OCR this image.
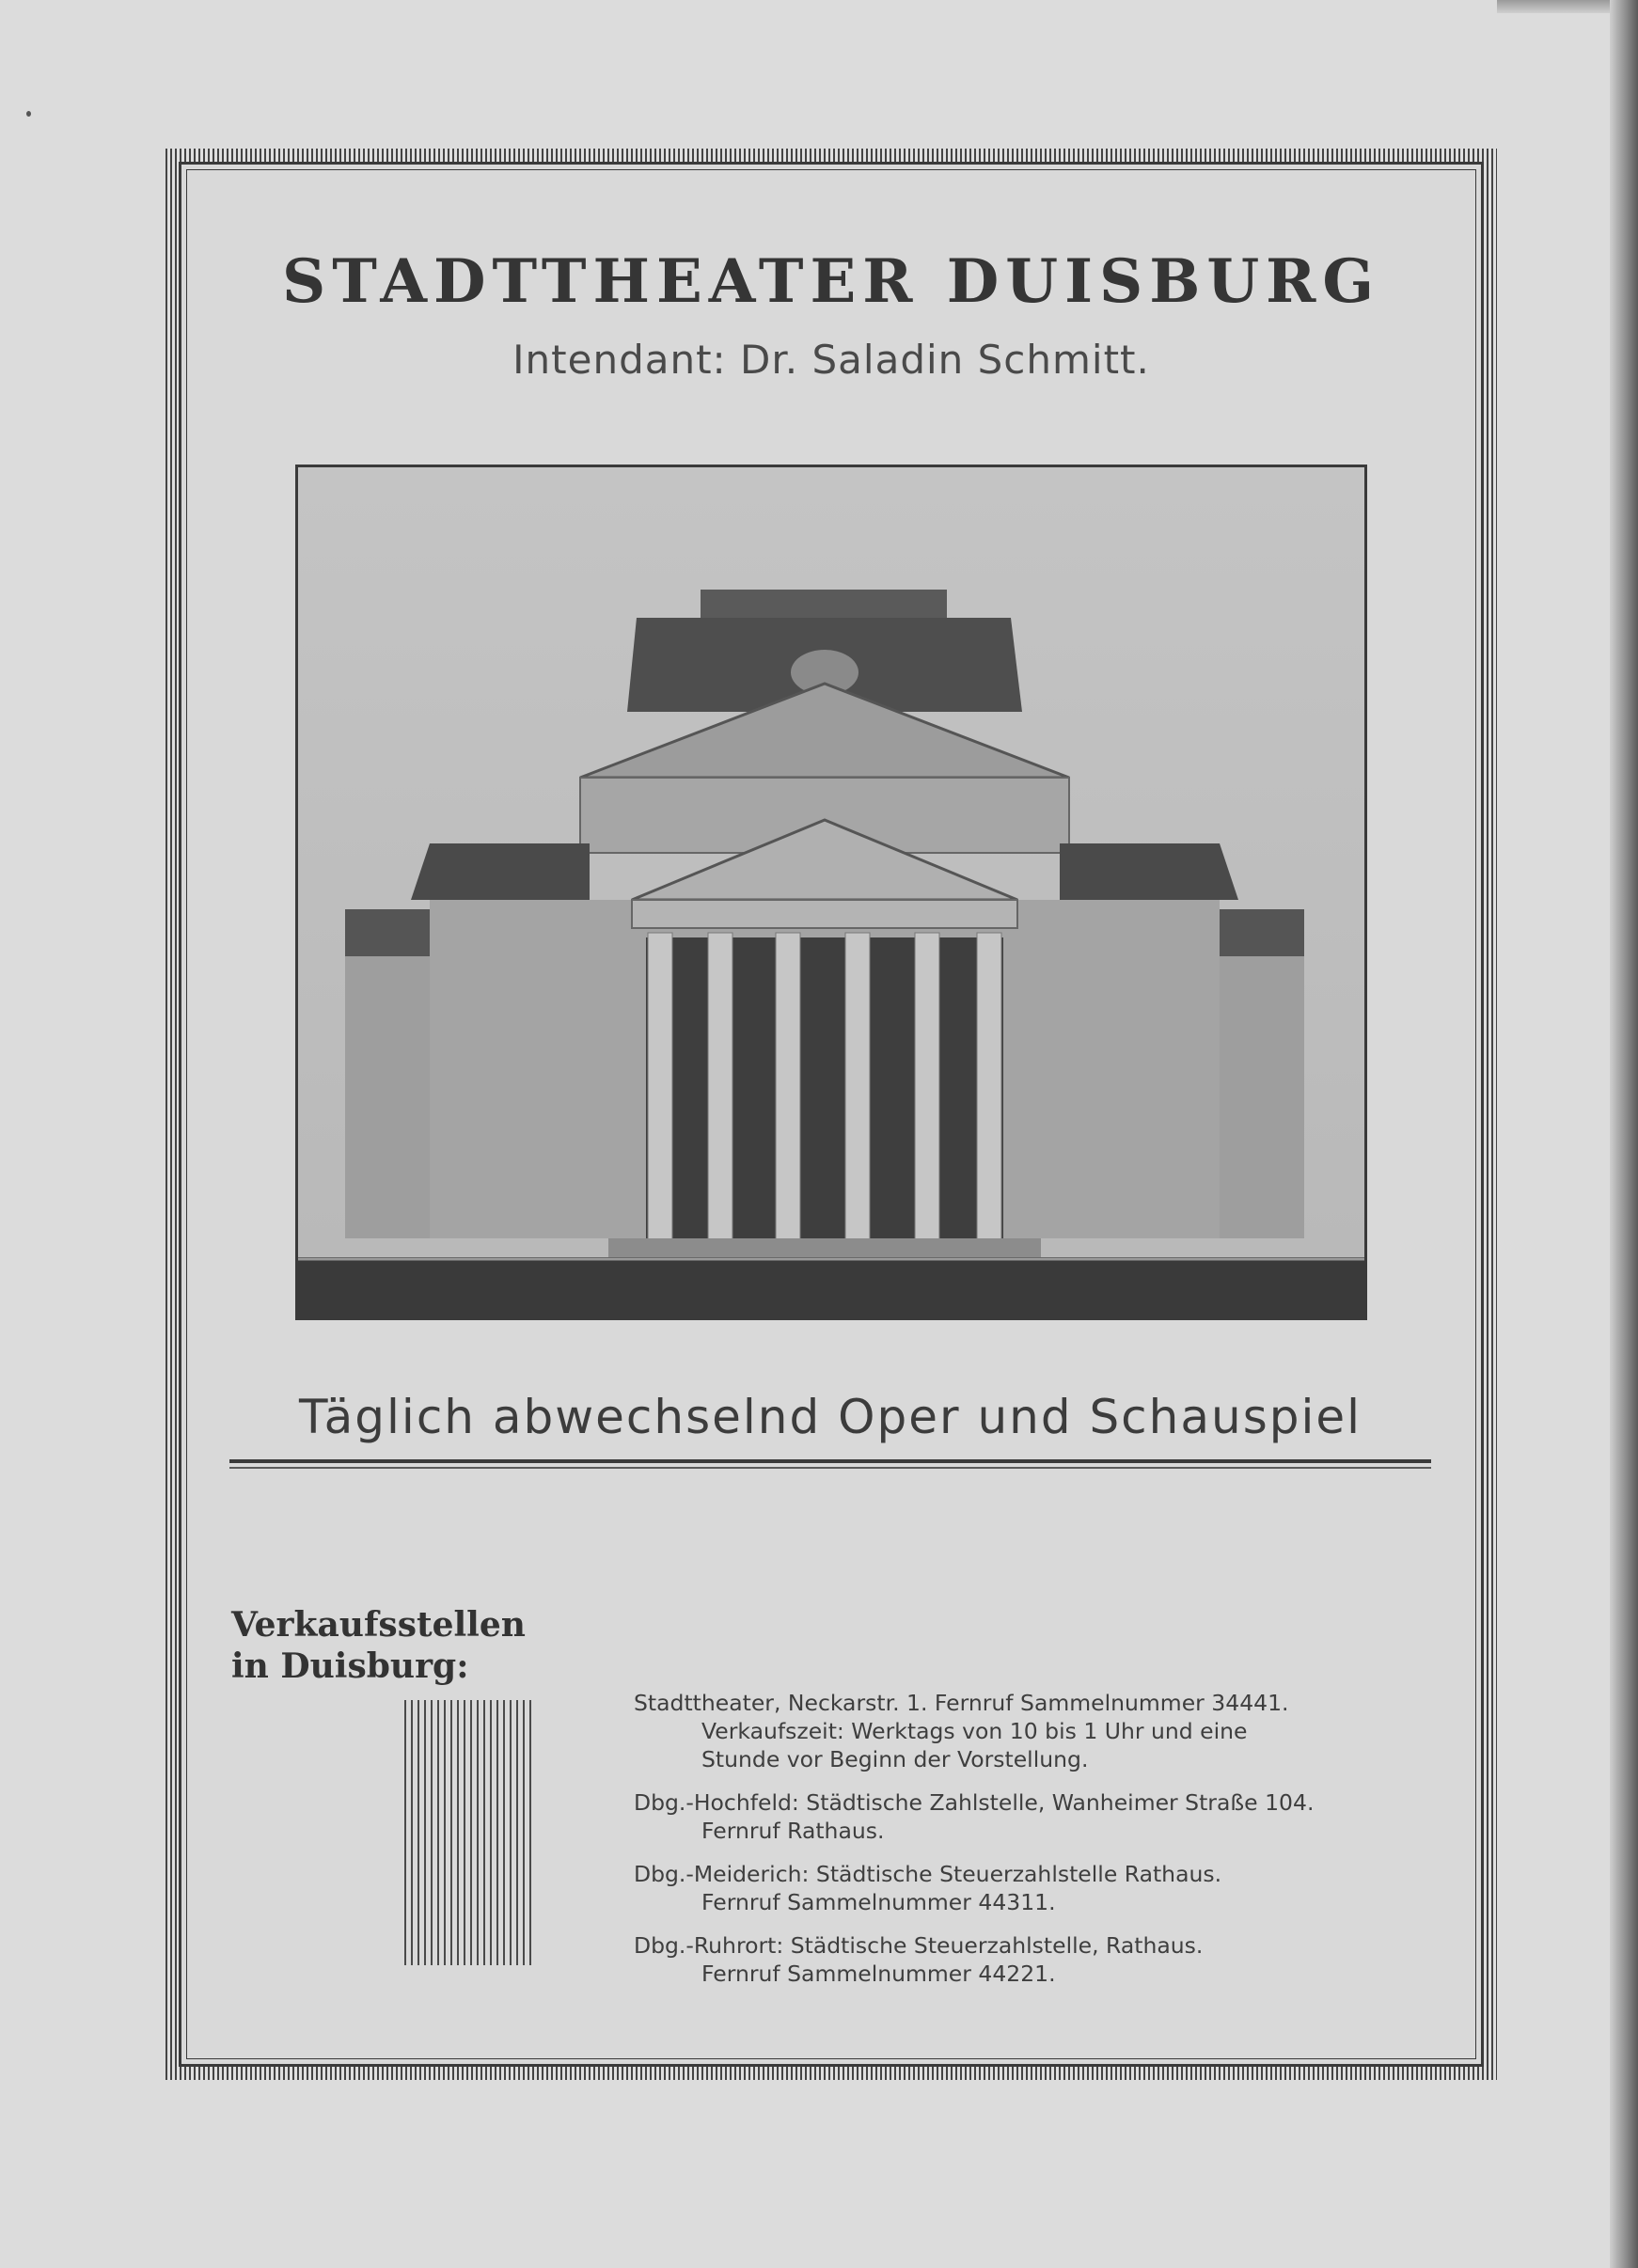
STADTTHEATER DUISBURG
Intendant: Dr. Saladin Schmitt.
Täglich abwechselnd Oper und Schauspiel
Verkaufsstellen
in Duisburg:
Stadttheater, Neckarstr. 1. Fernruf Sammelnummer 34441.
Verkaufszeit: Werktags von 10 bis 1 Uhr und eine
Stunde vor Beginn der Vorstellung.
Dbg.-Hochfeld: Städtische Zahlstelle, Wanheimer Straße 104.
Fernruf Rathaus.
Dbg.-Meiderich: Städtische Steuerzahlstelle Rathaus.
Fernruf Sammelnummer 44311.
Dbg.-Ruhrort: Städtische Steuerzahlstelle, Rathaus.
Fernruf Sammelnummer 44221.
